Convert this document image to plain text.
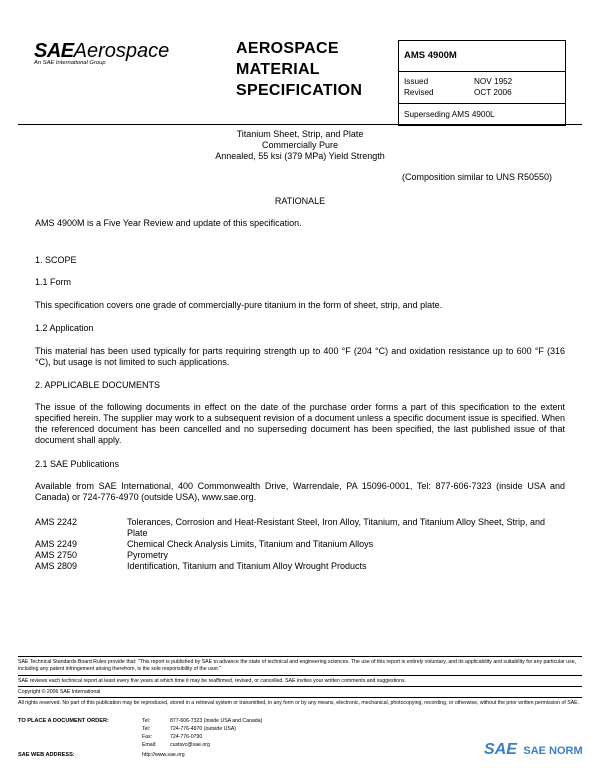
SAEAerospace
An SAE International Group
AEROSPACE
MATERIAL
SPECIFICATION
AMS 4900M
Issued	NOV 1952
Revised	OCT 2006
Superseding AMS 4900L
Titanium Sheet, Strip, and Plate
Commercially Pure
Annealed, 55 ksi (379 MPa) Yield Strength
(Composition similar to UNS R50550)
RATIONALE
AMS 4900M is a Five Year Review and update of this specification.
1. SCOPE
1.1 Form
This specification covers one grade of commercially-pure titanium in the form of sheet, strip, and plate.
1.2 Application
This material has been used typically for parts requiring strength up to 400 °F (204 °C) and oxidation resistance up to 600 °F (316 °C), but usage is not limited to such applications.
2. APPLICABLE DOCUMENTS
The issue of the following documents in effect on the date of the purchase order forms a part of this specification to the extent specified herein. The supplier may work to a subsequent revision of a document unless a specific document issue is specified. When the referenced document has been cancelled and no superseding document has been specified, the last published issue of that document shall apply.
2.1 SAE Publications
Available from SAE International, 400 Commonwealth Drive, Warrendale, PA 15096-0001, Tel: 877-606-7323 (inside USA and Canada) or 724-776-4970 (outside USA), www.sae.org.
AMS 2242	Tolerances, Corrosion and Heat-Resistant Steel, Iron Alloy, Titanium, and Titanium Alloy Sheet, Strip, and Plate
AMS 2249	Chemical Check Analysis Limits, Titanium and Titanium Alloys
AMS 2750	Pyrometry
AMS 2809	Identification, Titanium and Titanium Alloy Wrought Products
SAE Technical Standards Board Rules provide that: "This report is published by SAE to advance the state of technical and engineering sciences. The use of this report is entirely voluntary, and its applicability and suitability for any particular use, including any patent infringement arising therefrom, is the sole responsibility of the user."
SAE reviews each technical report at least every five years at which time it may be reaffirmed, revised, or cancelled. SAE invites your written comments and suggestions.
Copyright © 2006 SAE International
All rights reserved. No part of this publication may be reproduced, stored in a retrieval system or transmitted, in any form or by any means, electronic, mechanical, photocopying, recording, or otherwise, without the prior written permission of SAE.
TO PLACE A DOCUMENT ORDER:	Tel:	877-606-7323 (inside USA and Canada)
Tel:	724-776-4970 (outside USA)
Fax:	724-776-0790
Email:	custsvc@sae.org
SAE WEB ADDRESS:	http://www.sae.org	SAE SAE NORM
